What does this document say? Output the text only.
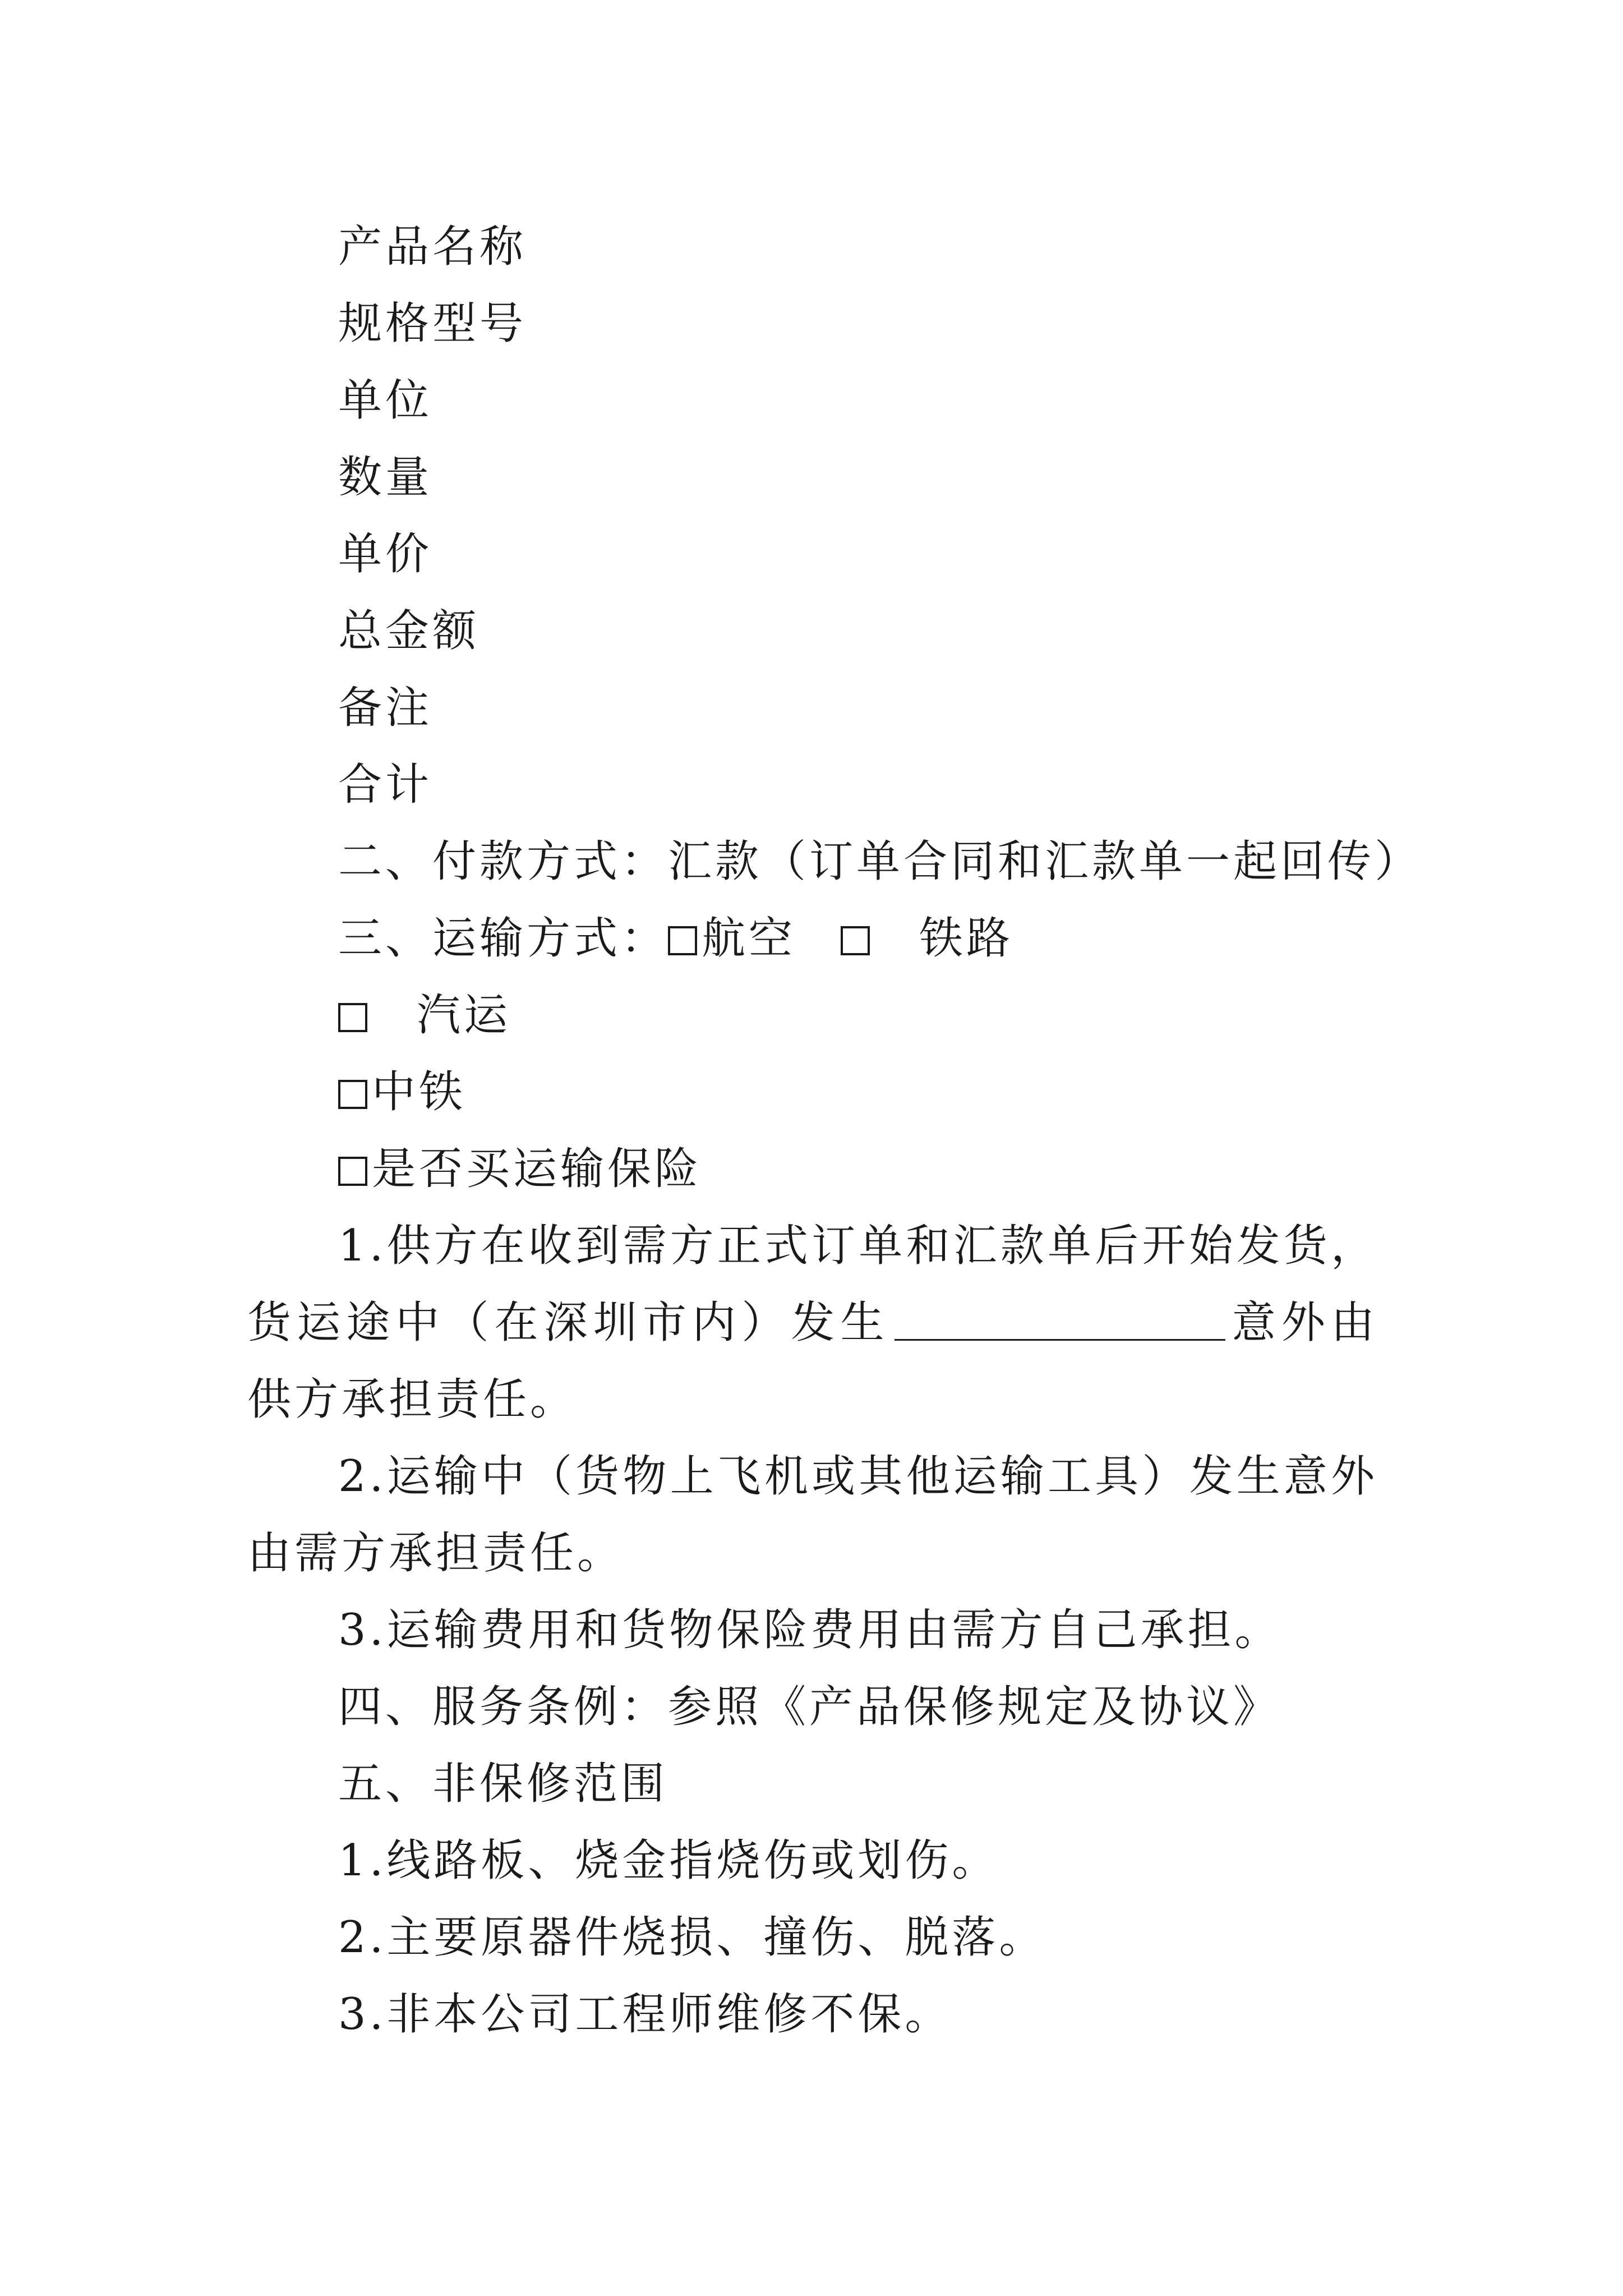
产品名称
规格型号
单位
数量
单价
总金额
备注
合计
二、付款方式：汇款（订单合同和汇款单一起回传）
三、运输方式： 航空	铁路
汽运
中铁
是否买运输保险
1.供方在收到需方正式订单和汇款单后开始发货，货运途中（在深圳市内）发生	意外由供方承担责任。
2.运输中（货物上飞机或其他运输工具）发生意外由需方承担责任。
3.运输费用和货物保险费用由需方自己承担。
四、服务条例：参照《产品保修规定及协议》
五、非保修范围
1.线路板、烧金指烧伤或划伤。
2.主要原器件烧损、撞伤、脱落。
3.非本公司工程师维修不保。
